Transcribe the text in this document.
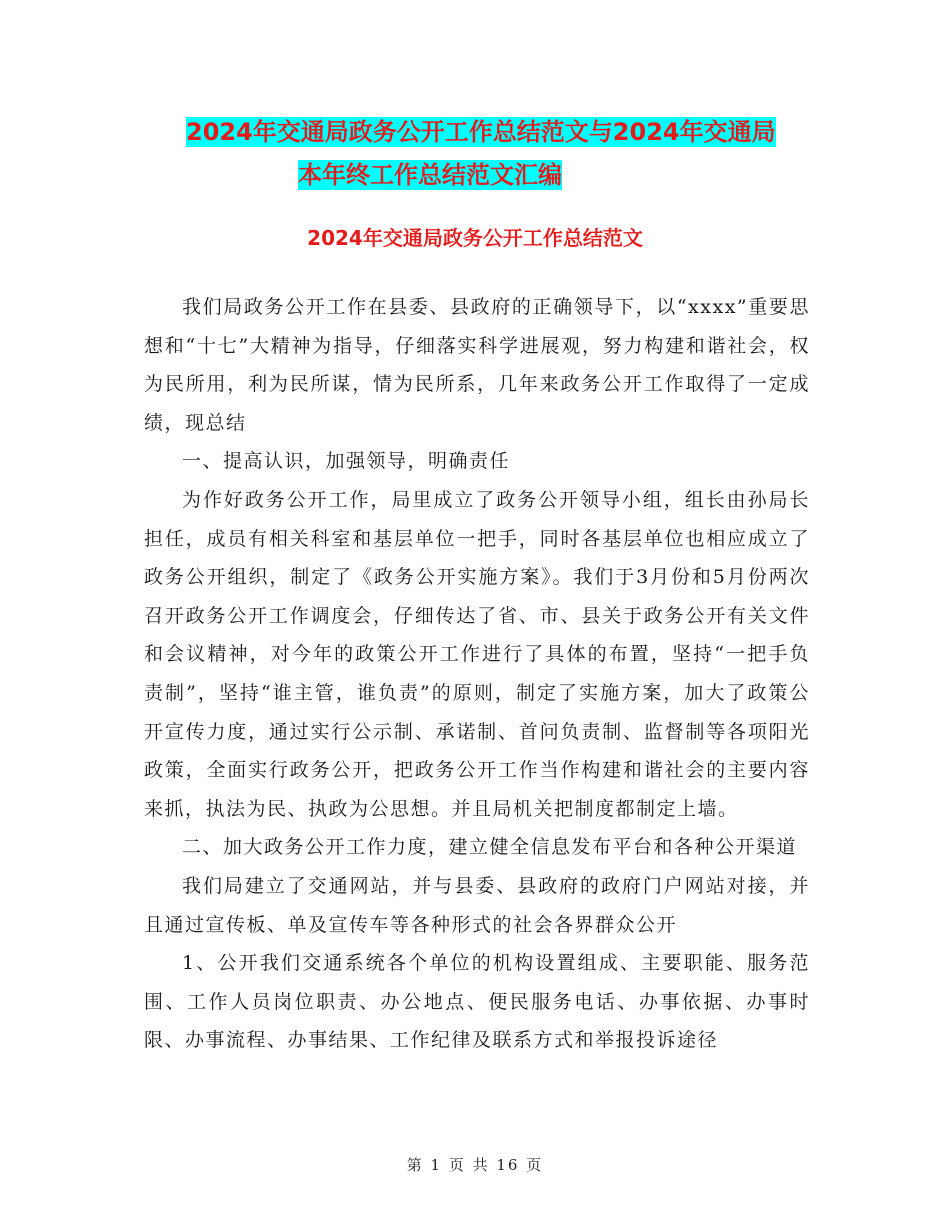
2024年交通局政务公开工作总结范文与2024年交通局
本年终工作总结范文汇编
2024年交通局政务公开工作总结范文

我们局政务公开工作在县委、县政府的正确领导下，以“xxxx”重要思想和“十七”大精神为指导，仔细落实科学进展观，努力构建和谐社会，权为民所用，利为民所谋，情为民所系，几年来政务公开工作取得了一定成绩，现总结

一、提高认识，加强领导，明确责任

为作好政务公开工作，局里成立了政务公开领导小组，组长由孙局长担任，成员有相关科室和基层单位一把手，同时各基层单位也相应成立了政务公开组织，制定了《政务公开实施方案》。我们于3月份和5月份两次召开政务公开工作调度会，仔细传达了省、市、县关于政务公开有关文件和会议精神，对今年的政策公开工作进行了具体的布置，坚持“一把手负责制”，坚持“谁主管，谁负责”的原则，制定了实施方案，加大了政策公开宣传力度，通过实行公示制、承诺制、首问负责制、监督制等各项阳光政策，全面实行政务公开，把政务公开工作当作构建和谐社会的主要内容来抓，执法为民、执政为公思想。并且局机关把制度都制定上墙。

二、加大政务公开工作力度，建立健全信息发布平台和各种公开渠道

我们局建立了交通网站，并与县委、县政府的政府门户网站对接，并且通过宣传板、单及宣传车等各种形式的社会各界群众公开

1、公开我们交通系统各个单位的机构设置组成、主要职能、服务范围、工作人员岗位职责、办公地点、便民服务电话、办事依据、办事时限、办事流程、办事结果、工作纪律及联系方式和举报投诉途径

第 1 页 共 16 页
